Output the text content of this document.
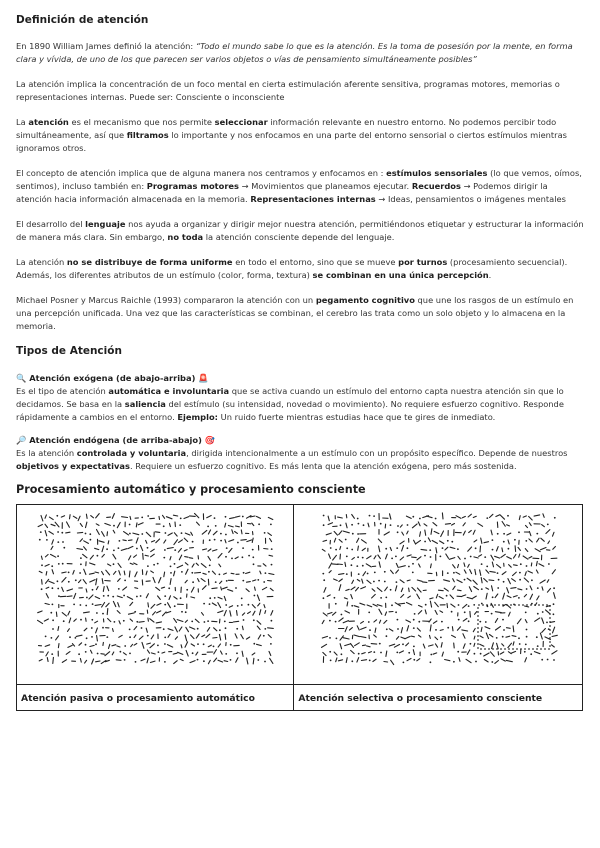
Definición de atención

En 1890 William James definió la atención: “Todo el mundo sabe lo que es la atención. Es la toma de posesión por la mente, en forma clara y vívida, de uno de los que parecen ser varios objetos o vías de pensamiento simultáneamente posibles”

La atención implica la concentración de un foco mental en cierta estimulación aferente sensitiva, programas motores, memorias o representaciones internas. Puede ser: Consciente o inconsciente

La atención es el mecanismo que nos permite seleccionar información relevante en nuestro entorno. No podemos percibir todo simultáneamente, así que filtramos lo importante y nos enfocamos en una parte del entorno sensorial o ciertos estímulos mientras ignoramos otros.

El concepto de atención implica que de alguna manera nos centramos y enfocamos en : estímulos sensoriales (lo que vemos, oímos, sentimos), incluso también en: Programas motores → Movimientos que planeamos ejecutar. Recuerdos → Podemos dirigir la atención hacia información almacenada en la memoria. Representaciones internas → Ideas, pensamientos o imágenes mentales

El desarrollo del lenguaje nos ayuda a organizar y dirigir mejor nuestra atención, permitiéndonos etiquetar y estructurar la información de manera más clara. Sin embargo, no toda la atención consciente depende del lenguaje.

La atención no se distribuye de forma uniforme en todo el entorno, sino que se mueve por turnos (procesamiento secuencial). Además, los diferentes atributos de un estímulo (color, forma, textura) se combinan en una única percepción.

Michael Posner y Marcus Raichle (1993) compararon la atención con un pegamento cognitivo que une los rasgos de un estímulo en una percepción unificada. Una vez que las características se combinan, el cerebro las trata como un solo objeto y lo almacena en la memoria.

Tipos de Atención
🔍 Atención exógena (de abajo-arriba) 🚨

Es el tipo de atención automática e involuntaria que se activa cuando un estímulo del entorno capta nuestra atención sin que lo decidamos. Se basa en la saliencia del estímulo (su intensidad, novedad o movimiento). No requiere esfuerzo cognitivo. Responde rápidamente a cambios en el entorno. Ejemplo: Un ruido fuerte mientras estudias hace que te gires de inmediato.

🔎 Atención endógena (de arriba-abajo) 🎯

Es la atención controlada y voluntaria, dirigida intencionalmente a un estímulo con un propósito específico. Depende de nuestros objetivos y expectativas. Requiere un esfuerzo cognitivo. Es más lenta que la atención exógena, pero más sostenida.

Procesamiento automático y procesamiento consciente

Atención pasiva o procesamiento automático	Atención selectiva o procesamiento consciente
